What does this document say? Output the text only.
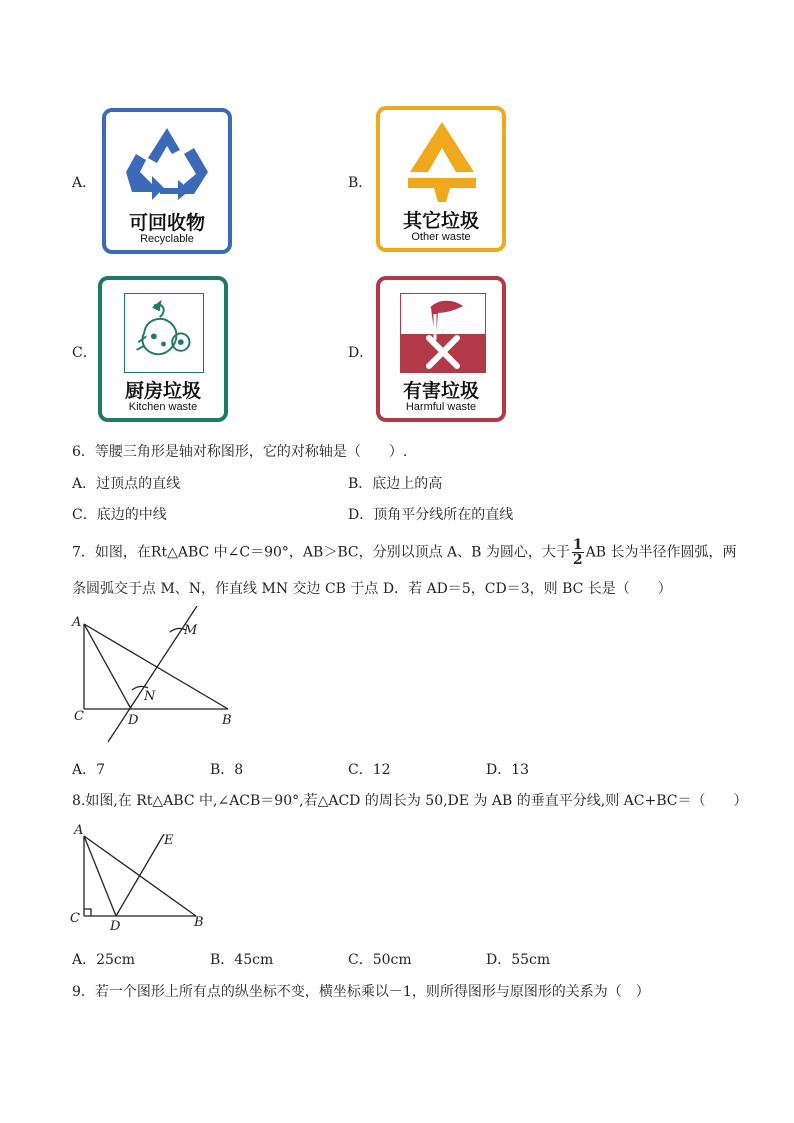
A．
可回收物
Recyclable
B．
其它垃圾
Other waste
C．
厨房垃圾
Kitchen waste
D．
有害垃圾
Harmful waste
6．等腰三角形是轴对称图形，它的对称轴是（　　）.
A．过顶点的直线	B．底边上的高
C．底边的中线	D．顶角平分线所在的直线
7．如图，在Rt△ABC 中∠C＝90°，AB＞BC，分别以顶点 A、B 为圆心，大于 $\frac{1}{2}$ AB 长为半径作圆弧，两
条圆弧交于点 M、N，作直线 MN 交边 CB 于点 D．若 AD＝5，CD＝3，则 BC 长是（　　）
A
C	D	B
M
N
A．7	B．8	C．12	D．13
8.如图,在 Rt△ABC 中,∠ACB＝90°,若△ACD 的周长为 50,DE 为 AB 的垂直平分线,则 AC+BC＝（　　）
A
C
D	B
E
A．25cm	B．45cm	C．50cm	D．55cm
9．若一个图形上所有点的纵坐标不变，横坐标乘以－1，则所得图形与原图形的关系为（　）
